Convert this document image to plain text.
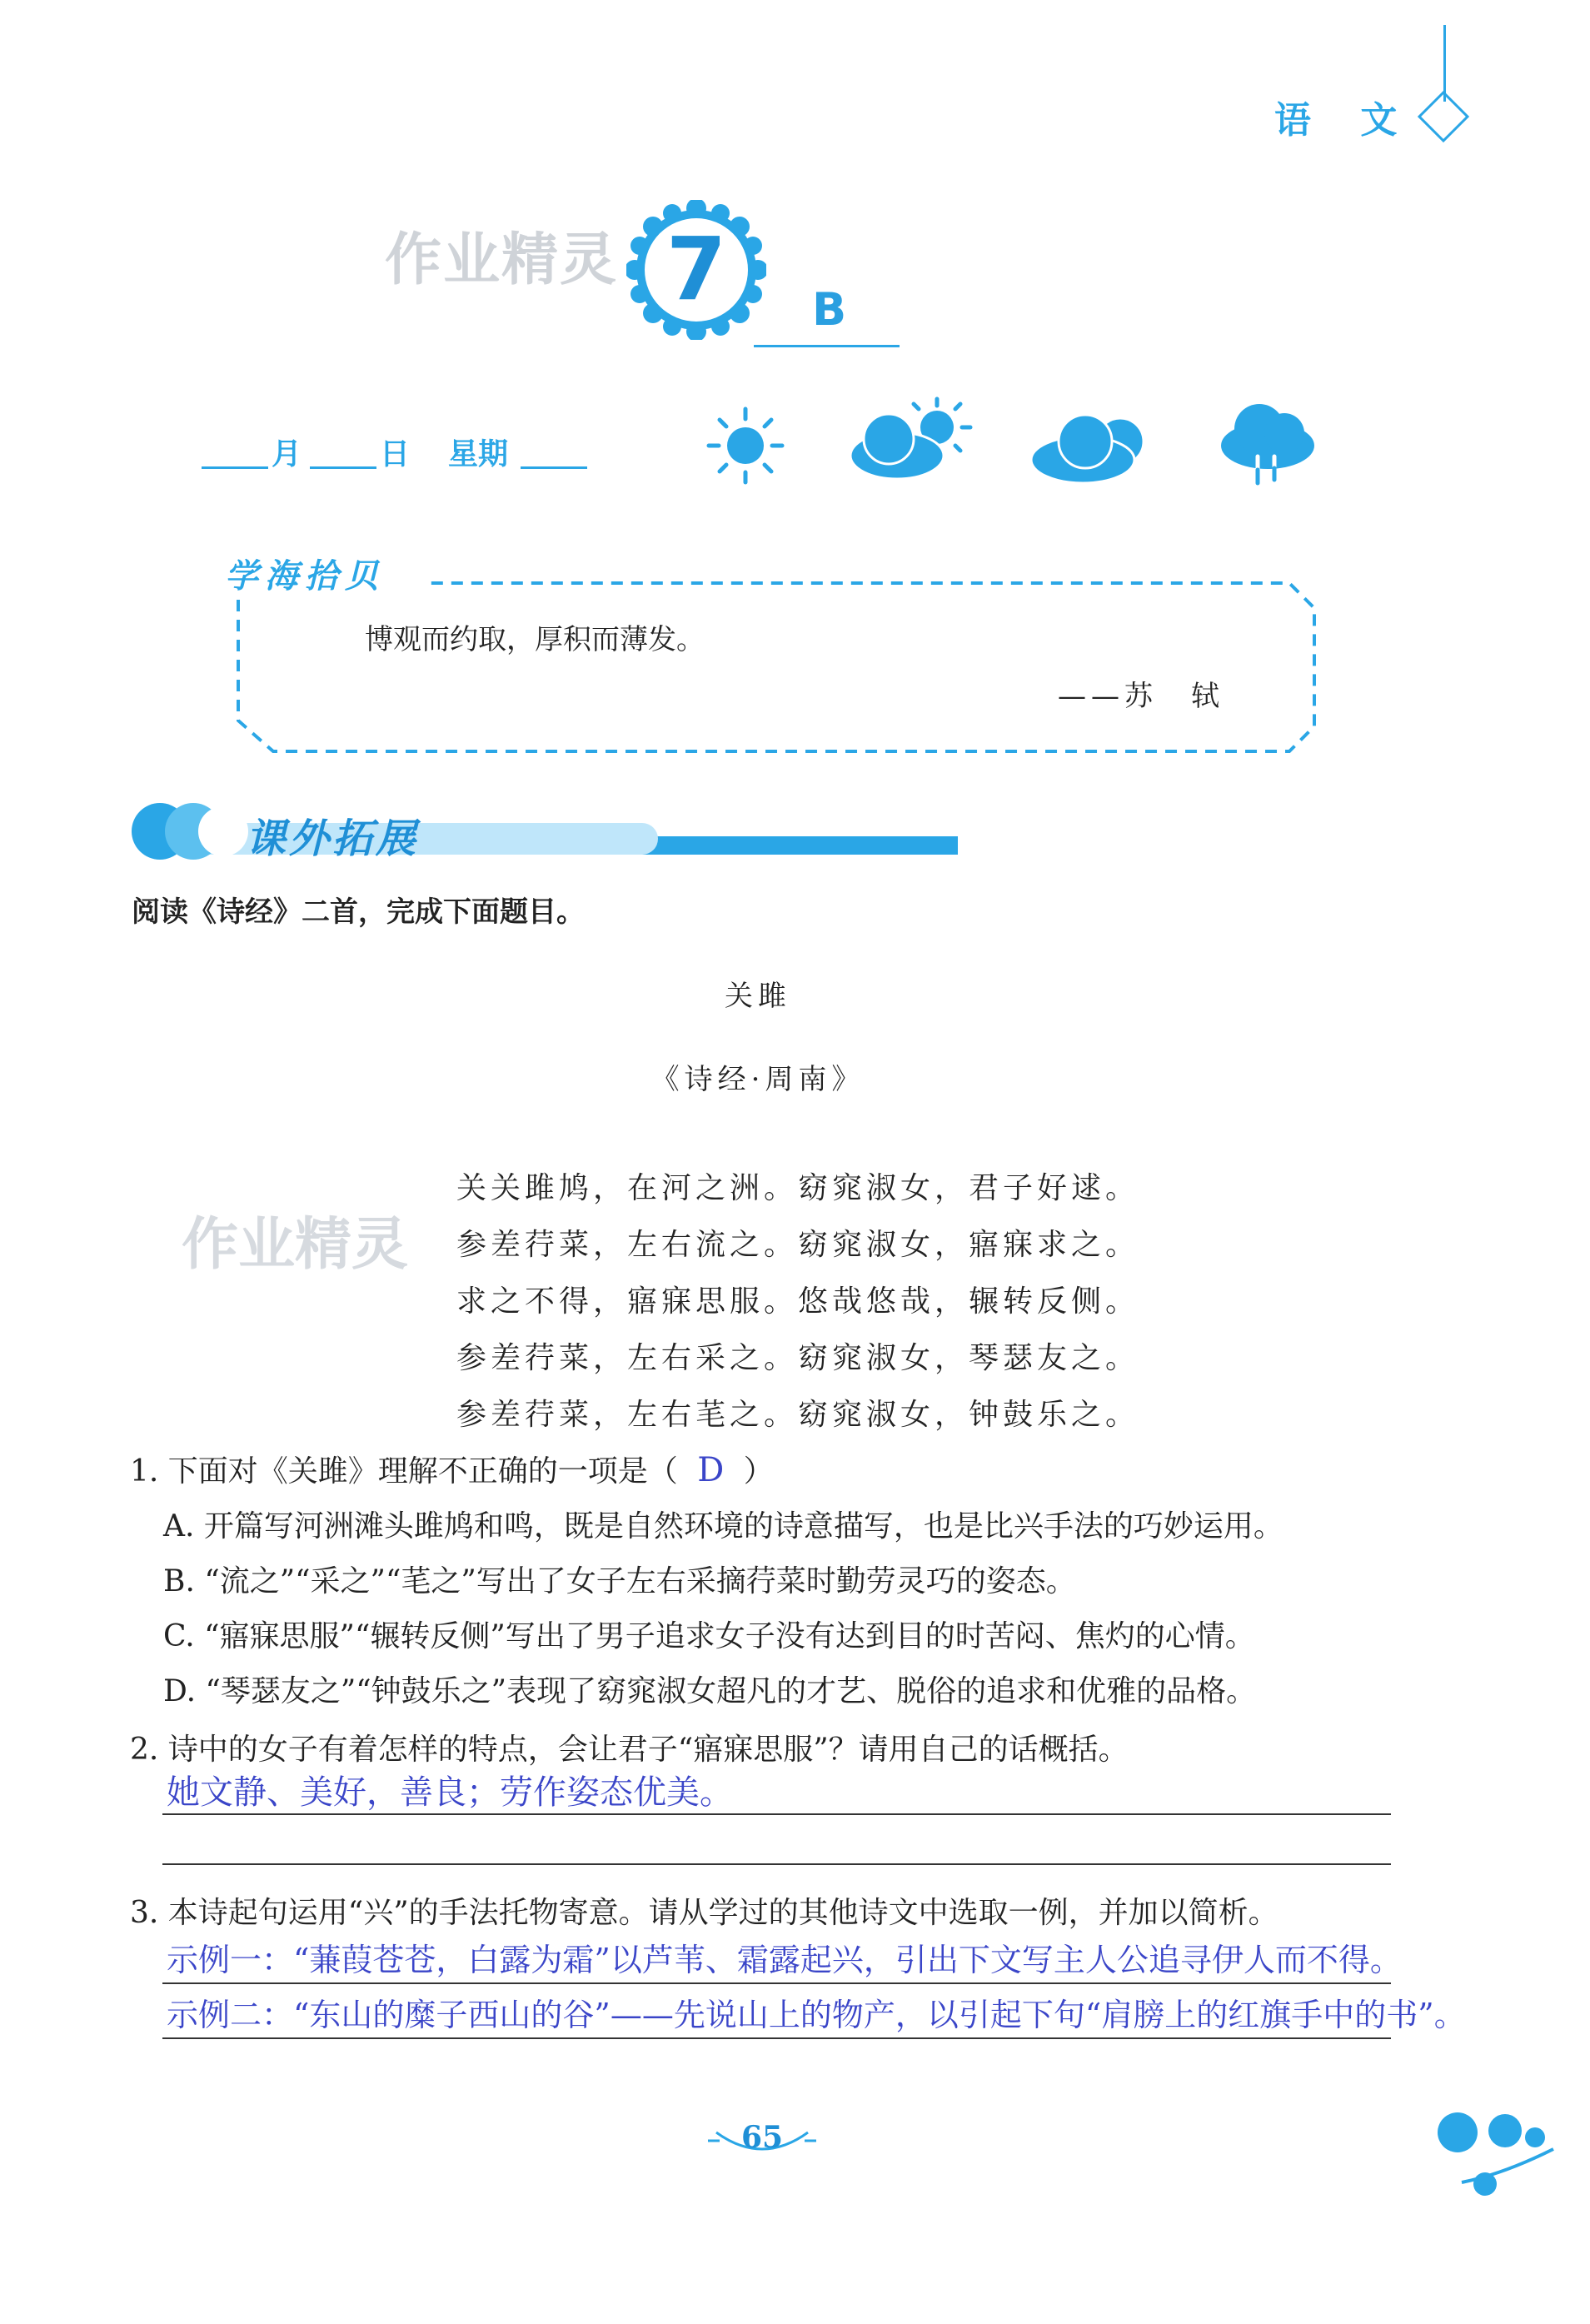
语 文
作业精灵 7	B
月	日 星期
学海拾贝
博观而约取，厚积而薄发。
——苏　轼
课外拓展
阅读《诗经》二首，完成下面题目。
关雎
《诗经·周南》
作业精灵
关关雎鸠，在河之洲。窈窕淑女，君子好逑。
参差荇菜，左右流之。窈窕淑女，寤寐求之。
求之不得，寤寐思服。悠哉悠哉，辗转反侧。
参差荇菜，左右采之。窈窕淑女，琴瑟友之。
参差荇菜，左右芼之。窈窕淑女，钟鼓乐之。
1. 下面对《关雎》理解不正确的一项是（ D ）
A. 开篇写河洲滩头雎鸠和鸣，既是自然环境的诗意描写，也是比兴手法的巧妙运用。
B. “流之”“采之”“芼之”写出了女子左右采摘荇菜时勤劳灵巧的姿态。
C. “寤寐思服”“辗转反侧”写出了男子追求女子没有达到目的时苦闷、焦灼的心情。
D. “琴瑟友之”“钟鼓乐之”表现了窈窕淑女超凡的才艺、脱俗的追求和优雅的品格。
2. 诗中的女子有着怎样的特点，会让君子“寤寐思服”？请用自己的话概括。
她文静、美好，善良；劳作姿态优美。
3. 本诗起句运用“兴”的手法托物寄意。请从学过的其他诗文中选取一例，并加以简析。
示例一：“蒹葭苍苍，白露为霜”以芦苇、霜露起兴，引出下文写主人公追寻伊人而不得。
示例二：“东山的糜子西山的谷”——先说山上的物产，以引起下句“肩膀上的红旗手中的书”。
65
